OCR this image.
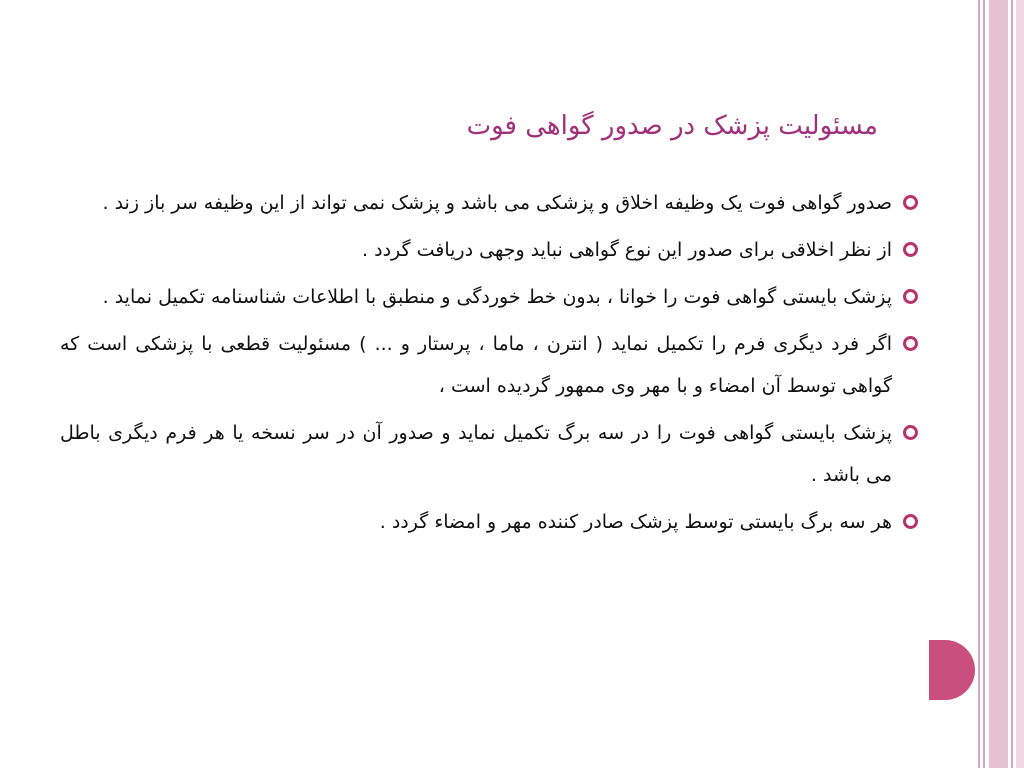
مسئولیت پزشک در صدور گواهی فوت
صدور گواهی فوت یک وظیفه اخلاق و پزشکی می باشد و پزشک نمی تواند از این وظیفه سر باز زند .
از نظر اخلاقی برای صدور این نوع گواهی نباید وجهی دریافت گردد .
پزشک بایستی گواهی فوت را خوانا ، بدون خط خوردگی و منطبق با اطلاعات شناسنامه تکمیل نماید .
اگر فرد دیگری فرم را تکمیل نماید ( انترن ، ماما ، پرستار و ... ) مسئولیت قطعی با پزشکی است که گواهی توسط آن امضاء و با مهر وی ممهور گردیده است ،
پزشک بایستی گواهی فوت را در سه برگ تکمیل نماید و صدور آن در سر نسخه یا هر فرم دیگری باطل می باشد .
هر سه برگ بایستی توسط پزشک صادر کننده مهر و امضاء گردد .
